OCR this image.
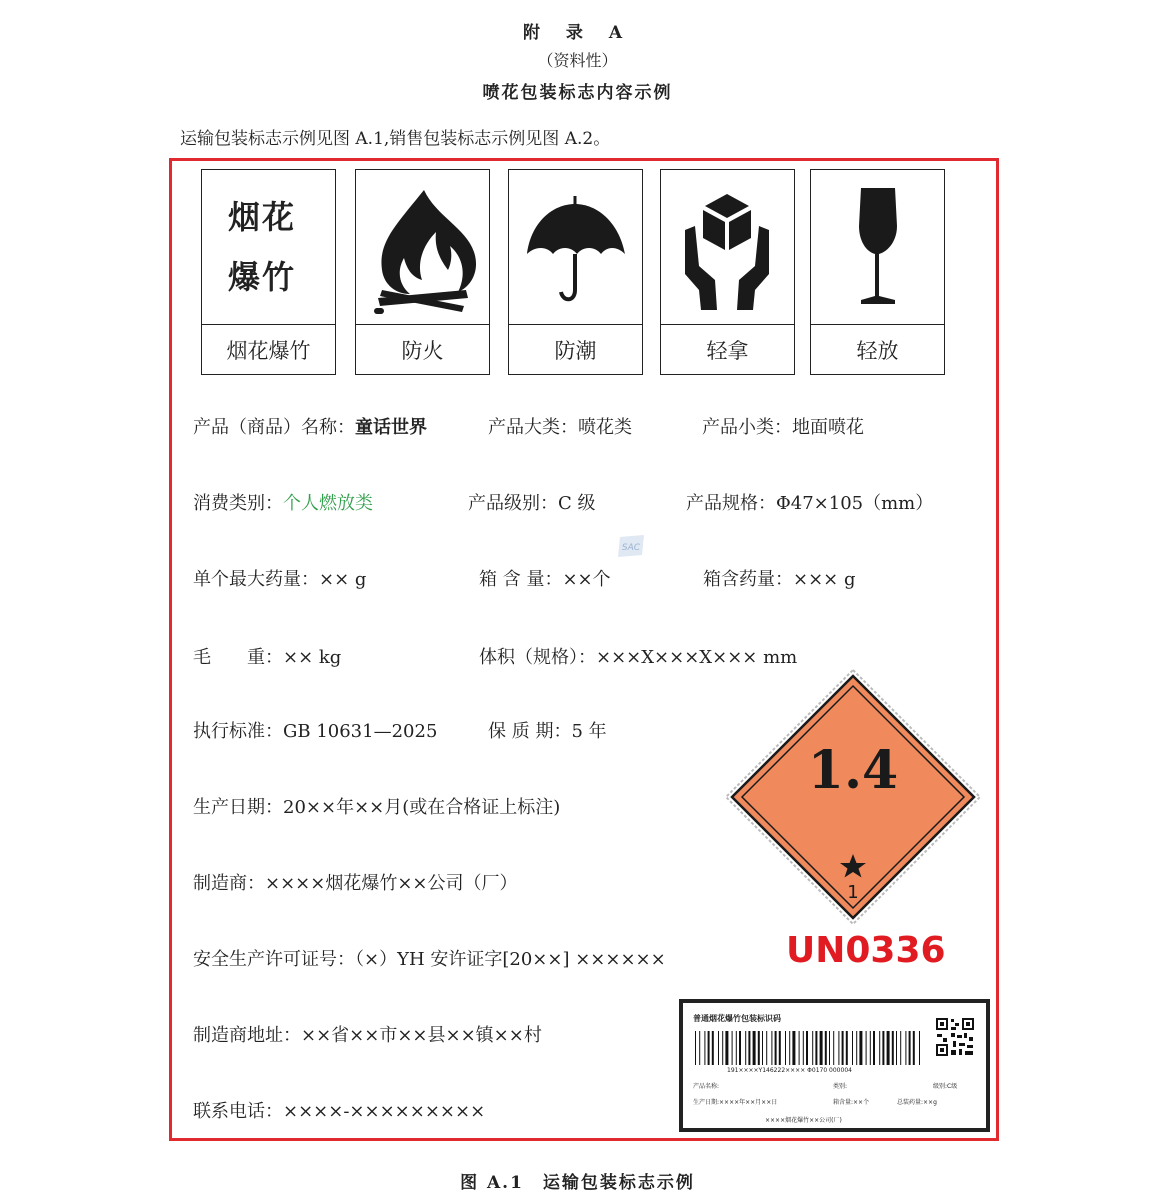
附 录 A
（资料性）
喷花包装标志内容示例
运输包装标志示例见图 A.1,销售包装标志示例见图 A.2。
烟花
爆竹
烟花爆竹	防火	防潮	轻拿	轻放
产品（商品）名称：童话世界	产品大类：喷花类	产品小类：地面喷花
消费类别：个人燃放类	产品级别：C 级	产品规格：Φ47×105（mm）
SAC
单个最大药量：×× g	箱 含 量：××个	箱含药量：××× g
毛　　重：×× kg	体积（规格）：×××X×××X××× mm
执行标准：GB 10631—2025	保 质 期：5 年
生产日期：20××年××月(或在合格证上标注)
制造商：××××烟花爆竹××公司（厂）
安全生产许可证号：（×）YH 安许证字[20××] ××××××
制造商地址：××省××市××县××镇××村
联系电话：××××-×××××××××
1.4
1
UN0336
普通烟花爆竹包装标识码
191××××Y146222×××× Φ0170 000004
产品名称:	类别:	级别:C级
生产日期:××××年××月××日	箱含量:××个	总装药量:××g
××××烟花爆竹××公司(厂)
图 A.1　运输包装标志示例
